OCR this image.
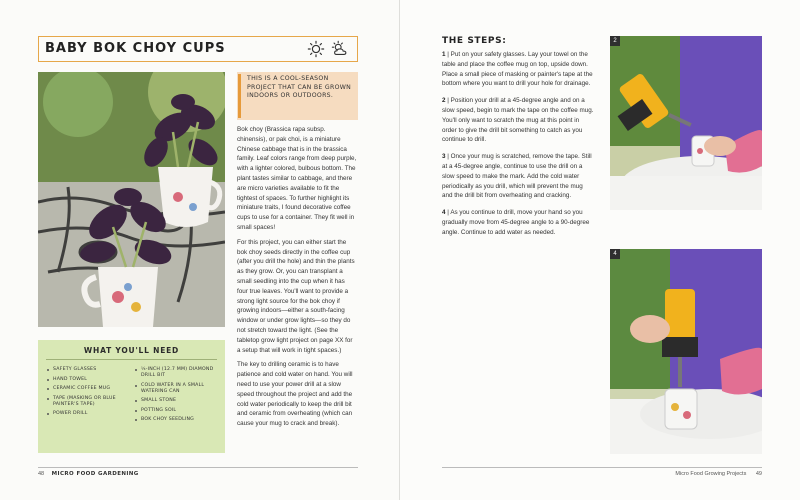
BABY BOK CHOY CUPS
THIS IS A COOL-SEASON PROJECT THAT CAN BE GROWN INDOORS OR OUTDOORS.

Bok choy (Brassica rapa subsp. chinensis), or pak choi, is a miniature Chinese cabbage that is in the brassica family. Leaf colors range from deep purple, with a lighter colored, bulbous bottom. The plant tastes similar to cabbage, and there are micro varieties available to fit the tightest of spaces. To further highlight its miniature traits, I found decorative coffee cups to use for a container. They fit well in small spaces!

For this project, you can either start the bok choy seeds directly in the coffee cup (after you drill the hole) and thin the plants as they grow. Or, you can transplant a small seedling into the cup when it has four true leaves. You'll want to provide a strong light source for the bok choy if growing indoors—either a south-facing window or under grow lights—so they do not stretch toward the light. (See the tabletop grow light project on page XX for a setup that will work in tight spaces.)

The key to drilling ceramic is to have patience and cold water on hand. You will need to use your power drill at a slow speed throughout the project and add the cold water periodically to keep the drill bit and ceramic from overheating (which can cause your mug to crack and break).

WHAT YOU'LL NEED
SAFETY GLASSES
HAND TOWEL
CERAMIC COFFEE MUG
TAPE (MASKING OR BLUE PAINTER'S TAPE)
POWER DRILL
¼-INCH (12.7 MM) DIAMOND DRILL BIT
COLD WATER IN A SMALL WATERING CAN
SMALL STONE
POTTING SOIL
BOK CHOY SEEDLING
48 MICRO FOOD GARDENING
THE STEPS:

1 | Put on your safety glasses. Lay your towel on the table and place the coffee mug on top, upside down. Place a small piece of masking or painter's tape at the bottom where you want to drill your hole for drainage.

2 | Position your drill at a 45-degree angle and on a slow speed, begin to mark the tape on the coffee mug. You'll only want to scratch the mug at this point in order to give the drill bit something to catch as you continue to drill.

3 | Once your mug is scratched, remove the tape. Still at a 45-degree angle, continue to use the drill on a slow speed to make the mark. Add the cold water periodically as you drill, which will prevent the mug and the drill bit from overheating and cracking.

4 | As you continue to drill, move your hand so you gradually move from 45-degree angle to a 90-degree angle. Continue to add water as needed.

2
4
Micro Food Growing Projects 49
